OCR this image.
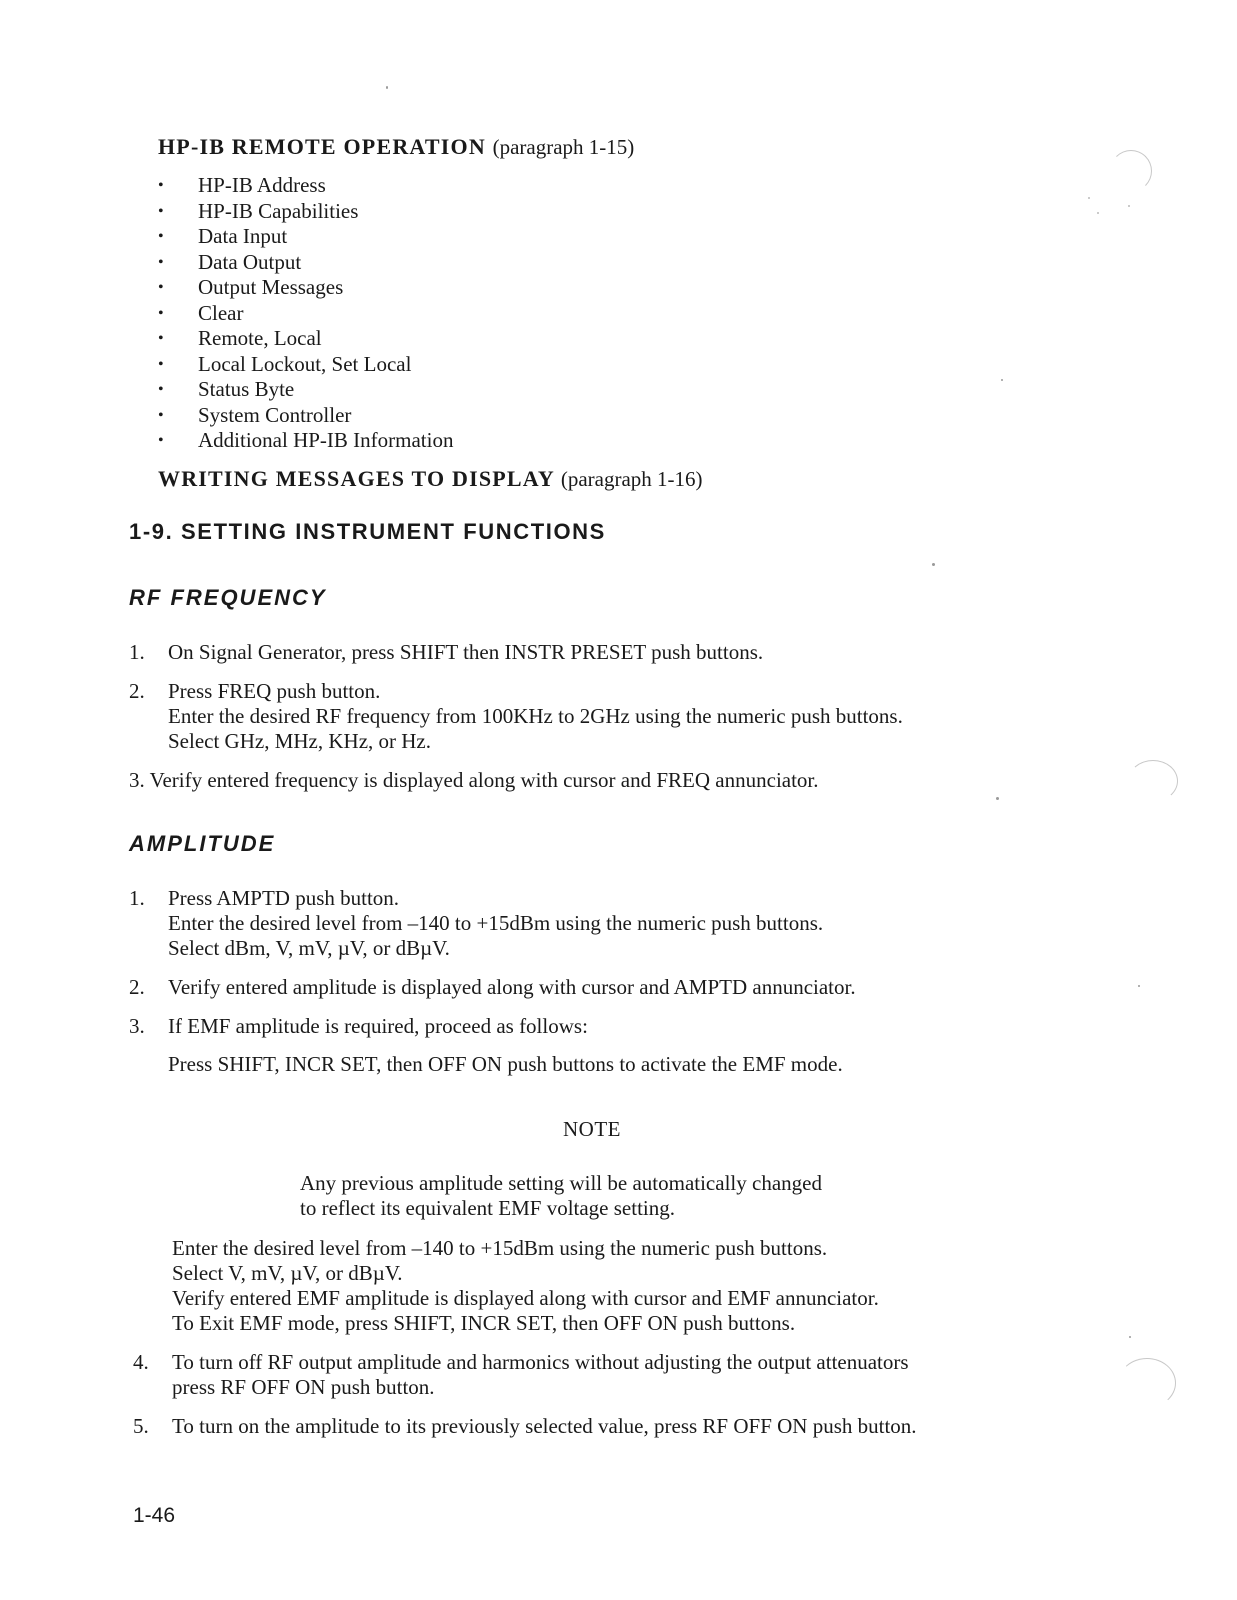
HP-IB REMOTE OPERATION (paragraph 1-15)
• HP-IB Address
• HP-IB Capabilities
• Data Input
• Data Output
• Output Messages
• Clear
• Remote, Local
• Local Lockout, Set Local
• Status Byte
• System Controller
• Additional HP-IB Information
WRITING MESSAGES TO DISPLAY (paragraph 1-16)
1-9. SETTING INSTRUMENT FUNCTIONS
RF FREQUENCY
1. On Signal Generator, press SHIFT then INSTR PRESET push buttons.
2. Press FREQ push button.
Enter the desired RF frequency from 100KHz to 2GHz using the numeric push buttons.
Select GHz, MHz, KHz, or Hz.
3. Verify entered frequency is displayed along with cursor and FREQ annunciator.
AMPLITUDE
1. Press AMPTD push button.
Enter the desired level from –140 to +15dBm using the numeric push buttons.
Select dBm, V, mV, µV, or dBµV.
2. Verify entered amplitude is displayed along with cursor and AMPTD annunciator.
3. If EMF amplitude is required, proceed as follows:
Press SHIFT, INCR SET, then OFF ON push buttons to activate the EMF mode.
NOTE
Any previous amplitude setting will be automatically changed
to reflect its equivalent EMF voltage setting.
Enter the desired level from –140 to +15dBm using the numeric push buttons.
Select V, mV, µV, or dBµV.
Verify entered EMF amplitude is displayed along with cursor and EMF annunciator.
To Exit EMF mode, press SHIFT, INCR SET, then OFF ON push buttons.
4. To turn off RF output amplitude and harmonics without adjusting the output attenuators
press RF OFF ON push button.
5. To turn on the amplitude to its previously selected value, press RF OFF ON push button.
1-46
